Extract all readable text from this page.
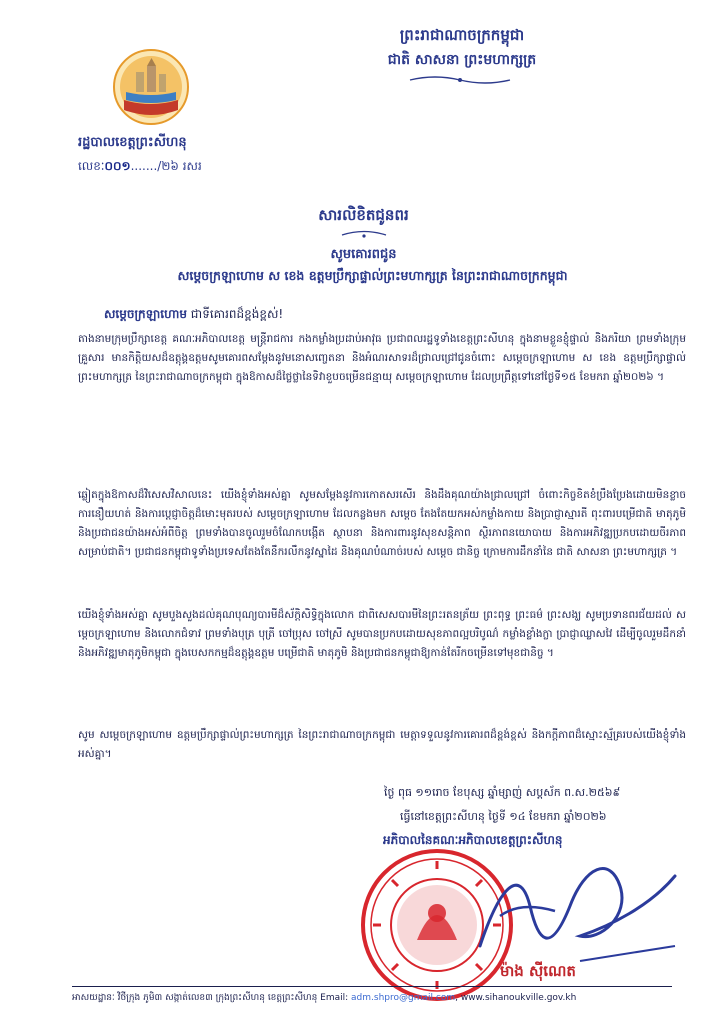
ព្រះរាជាណាចក្រកម្ពុជា
ជាតិ សាសនា ព្រះមហាក្សត្រ
រដ្ឋបាលខេត្តព្រះសីហនុ
លេខៈ០០១......./២៦ រសរ
សារលិខិតជូនពរ
សូមគោរពជូន
សម្តេចក្រឡាហោម ស ខេង ឧត្តមប្រឹក្សាផ្ទាល់ព្រះមហាក្សត្រ នៃព្រះរាជាណាចក្រកម្ពុជា
សម្តេចក្រឡាហោម ជាទីគោរពដ៏ខ្ពង់ខ្ពស់!

តាងនាមក្រុមប្រឹក្សាខេត្ត គណៈអភិបាលខេត្ត មន្ត្រីរាជការ កងកម្លាំងប្រដាប់អាវុធ ប្រជាពលរដ្ឋទូទាំងខេត្តព្រះសីហនុ ក្នុងនាមខ្លួនខ្ញុំផ្ទាល់ និងភរិយា ព្រមទាំងក្រុមគ្រួសារ មានកិត្តិយសដ៏ឧត្តុង្គឧត្តមសូមគោរពសម្តែងនូវមនោសញ្ចេតនា និងអំណរសាទរដ៏ជ្រាលជ្រៅជូនចំពោះ សម្តេចក្រឡាហោម ស ខេង ឧត្តមប្រឹក្សាផ្ទាល់ព្រះមហាក្សត្រ នៃព្រះរាជាណាចក្រកម្ពុជា ក្នុងឱកាសដ៏ថ្លៃថ្លានៃទិវាខួបចម្រើនជន្មាយុ សម្តេចក្រឡាហោម ដែលប្រព្រឹត្តទៅនៅថ្ងៃទី១៥ ខែមករា ឆ្នាំ២០២៦ ។

ឆ្លៀតក្នុងឱកាសដ៏វិសេសវិសាលនេះ យើងខ្ញុំទាំងអស់គ្នា សូមសម្តែងនូវការកោតសរសើរ និងដឹងគុណយ៉ាងជ្រាលជ្រៅ ចំពោះកិច្ចខិតខំប្រឹងប្រែងដោយមិនខ្លាចការនឿយហត់ និងការប្តេជ្ញាចិត្តដ៏មោះមុតរបស់ សម្តេចក្រឡាហោម ដែលកន្លងមក សម្តេច តែងតែយកអស់កម្លាំងកាយ និងប្រាជ្ញាស្មារតី ពុះពារបម្រើជាតិ មាតុភូមិ និងប្រជាជនយ៉ាងអស់អំពីចិត្ត ព្រមទាំងបានចូលរួមចំណែកបង្កើត ស្ថាបនា និងការពារនូវសុខសន្តិភាព ស្ថិរភាពនយោបាយ និងការអភិវឌ្ឍប្រកបដោយចីរភាព សម្រាប់ជាតិ។ ប្រជាជនកម្ពុជាទូទាំងប្រទេសតែងតែនឹករលឹកនូវស្នាដៃ និងគុណបំណាច់របស់ សម្តេច ជានិច្ច ក្រោមការដឹកនាំនៃ ជាតិ សាសនា ព្រះមហាក្សត្រ ។

យើងខ្ញុំទាំងអស់គ្នា សូមបួងសួងដល់គុណបុណ្យបារមីដ៏ស័ក្តិសិទ្ធិក្នុងលោក ជាពិសេសបារមីនៃព្រះរតនត្រ័យ ព្រះពុទ្ធ ព្រះធម៌ ព្រះសង្ឃ សូមប្រទានពរជ័យដល់ សម្តេចក្រឡាហោម និងលោកជំទាវ ព្រមទាំងបុត្រ បុត្រី ចៅប្រុស ចៅស្រី សូមបានប្រកបដោយសុខភាពល្អបរិបូណ៌ កម្លាំងខ្លាំងក្លា ប្រាជ្ញាឈ្លាសវៃ ដើម្បីចូលរួមដឹកនាំ និងអភិវឌ្ឍមាតុភូមិកម្ពុជា ក្នុងបេសកកម្មដ៏ឧត្តុង្គឧត្តម បម្រើជាតិ មាតុភូមិ និងប្រជាជនកម្ពុជាឱ្យកាន់តែរីកចម្រើនទៅមុខជានិច្ច ។

សូម សម្តេចក្រឡាហោម ឧត្តមប្រឹក្សាផ្ទាល់ព្រះមហាក្សត្រ នៃព្រះរាជាណាចក្រកម្ពុជា មេត្តាទទួលនូវការគោរពដ៏ខ្ពង់ខ្ពស់ និងកក្តីភាពដ៏ស្មោះស្ម័គ្ររបស់យើងខ្ញុំទាំងអស់គ្នា។

ថ្ងៃ ពុធ ១១រោច ខែបុស្ស ឆ្នាំម្សាញ់ សប្តស័ក ព.ស.២៥៦៩
ធ្វើនៅខេត្តព្រះសីហនុ ថ្ងៃទី ១៤ ខែមករា ឆ្នាំ២០២៦
អភិបាលនៃគណៈអភិបាលខេត្តព្រះសីហនុ
ម៉ាង ស៊ីណេត
អាសយដ្ឋានៈ វិថីក្រុង ភូមិ៣ សង្កាត់លេខ៣ ក្រុងព្រះសីហនុ ខេត្តព្រះសីហនុ Email: adm.shpro@gmail.com, www.sihanoukville.gov.kh
